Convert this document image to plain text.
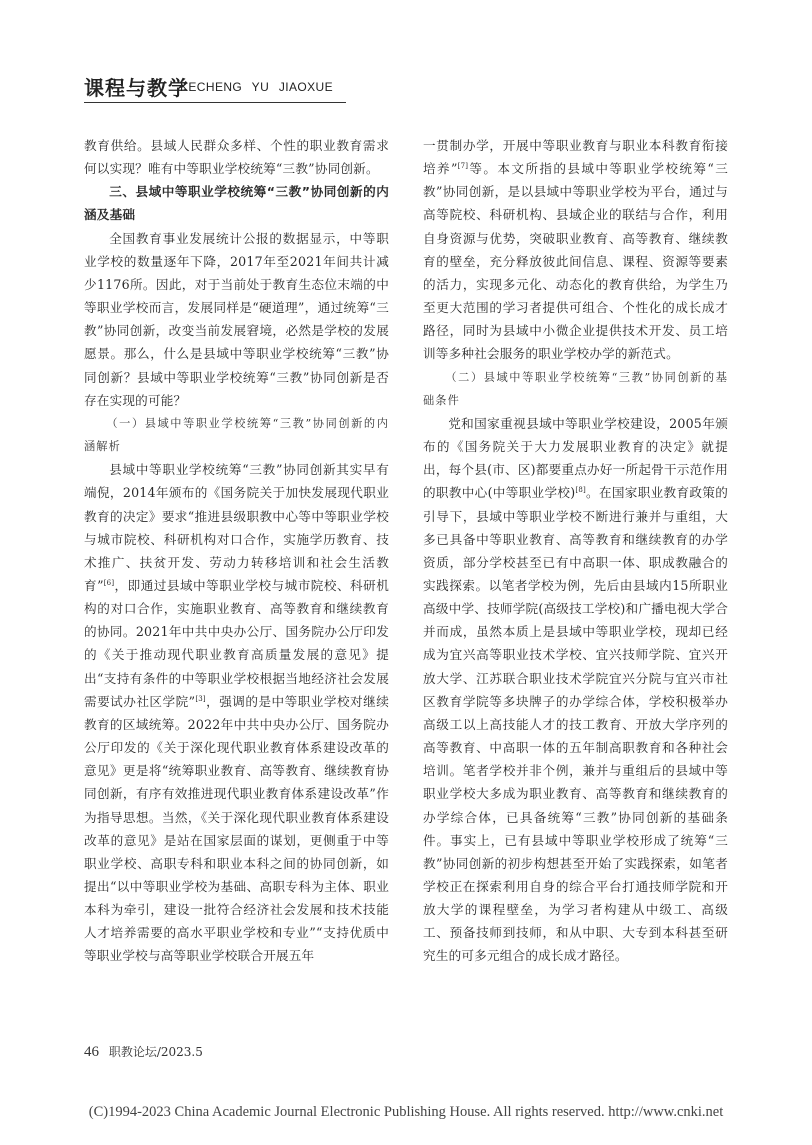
课程与教学
KECHENG YU JIAOXUE

教育供给。县域人民群众多样、个性的职业教育需求何以实现？唯有中等职业学校统筹“三教”协同创新。

三、县域中等职业学校统筹“三教”协同创新的内涵及基础

全国教育事业发展统计公报的数据显示，中等职业学校的数量逐年下降，2017年至2021年间共计减少1176所。因此，对于当前处于教育生态位末端的中等职业学校而言，发展同样是“硬道理”，通过统筹“三教”协同创新，改变当前发展窘境，必然是学校的发展愿景。那么，什么是县域中等职业学校统筹“三教”协同创新？县域中等职业学校统筹“三教”协同创新是否存在实现的可能？

（一）县域中等职业学校统筹“三教”协同创新的内涵解析

县域中等职业学校统筹“三教”协同创新其实早有端倪，2014年颁布的《国务院关于加快发展现代职业教育的决定》要求“推进县级职教中心等中等职业学校与城市院校、科研机构对口合作，实施学历教育、技术推广、扶贫开发、劳动力转移培训和社会生活教育”[6]，即通过县域中等职业学校与城市院校、科研机构的对口合作，实施职业教育、高等教育和继续教育的协同。2021年中共中央办公厅、国务院办公厅印发的《关于推动现代职业教育高质量发展的意见》提出“支持有条件的中等职业学校根据当地经济社会发展需要试办社区学院”[3]，强调的是中等职业学校对继续教育的区域统筹。2022年中共中央办公厅、国务院办公厅印发的《关于深化现代职业教育体系建设改革的意见》更是将“统筹职业教育、高等教育、继续教育协同创新，有序有效推进现代职业教育体系建设改革”作为指导思想。当然，《关于深化现代职业教育体系建设改革的意见》是站在国家层面的谋划，更侧重于中等职业学校、高职专科和职业本科之间的协同创新，如提出“以中等职业学校为基础、高职专科为主体、职业本科为牵引，建设一批符合经济社会发展和技术技能人才培养需要的高水平职业学校和专业”“支持优质中等职业学校与高等职业学校联合开展五年

一贯制办学，开展中等职业教育与职业本科教育衔接培养”[7]等。本文所指的县域中等职业学校统筹“三教”协同创新，是以县域中等职业学校为平台，通过与高等院校、科研机构、县域企业的联结与合作，利用自身资源与优势，突破职业教育、高等教育、继续教育的壁垒，充分释放彼此间信息、课程、资源等要素的活力，实现多元化、动态化的教育供给，为学生乃至更大范围的学习者提供可组合、个性化的成长成才路径，同时为县域中小微企业提供技术开发、员工培训等多种社会服务的职业学校办学的新范式。

（二）县域中等职业学校统筹“三教”协同创新的基础条件

党和国家重视县域中等职业学校建设，2005年颁布的《国务院关于大力发展职业教育的决定》就提出，每个县(市、区)都要重点办好一所起骨干示范作用的职教中心(中等职业学校)[8]。在国家职业教育政策的引导下，县域中等职业学校不断进行兼并与重组，大多已具备中等职业教育、高等教育和继续教育的办学资质，部分学校甚至已有中高职一体、职成教融合的实践探索。以笔者学校为例，先后由县域内15所职业高级中学、技师学院(高级技工学校)和广播电视大学合并而成，虽然本质上是县域中等职业学校，现却已经成为宜兴高等职业技术学校、宜兴技师学院、宜兴开放大学、江苏联合职业技术学院宜兴分院与宜兴市社区教育学院等多块牌子的办学综合体，学校积极举办高级工以上高技能人才的技工教育、开放大学序列的高等教育、中高职一体的五年制高职教育和各种社会培训。笔者学校并非个例，兼并与重组后的县域中等职业学校大多成为职业教育、高等教育和继续教育的办学综合体，已具备统筹“三教”协同创新的基础条件。事实上，已有县域中等职业学校形成了统筹“三教”协同创新的初步构想甚至开始了实践探索，如笔者学校正在探索利用自身的综合平台打通技师学院和开放大学的课程壁垒，为学习者构建从中级工、高级工、预备技师到技师，和从中职、大专到本科甚至研究生的可多元组合的成长成才路径。

46 职教论坛/2023.5
(C)1994-2023 China Academic Journal Electronic Publishing House. All rights reserved. http://www.cnki.net
